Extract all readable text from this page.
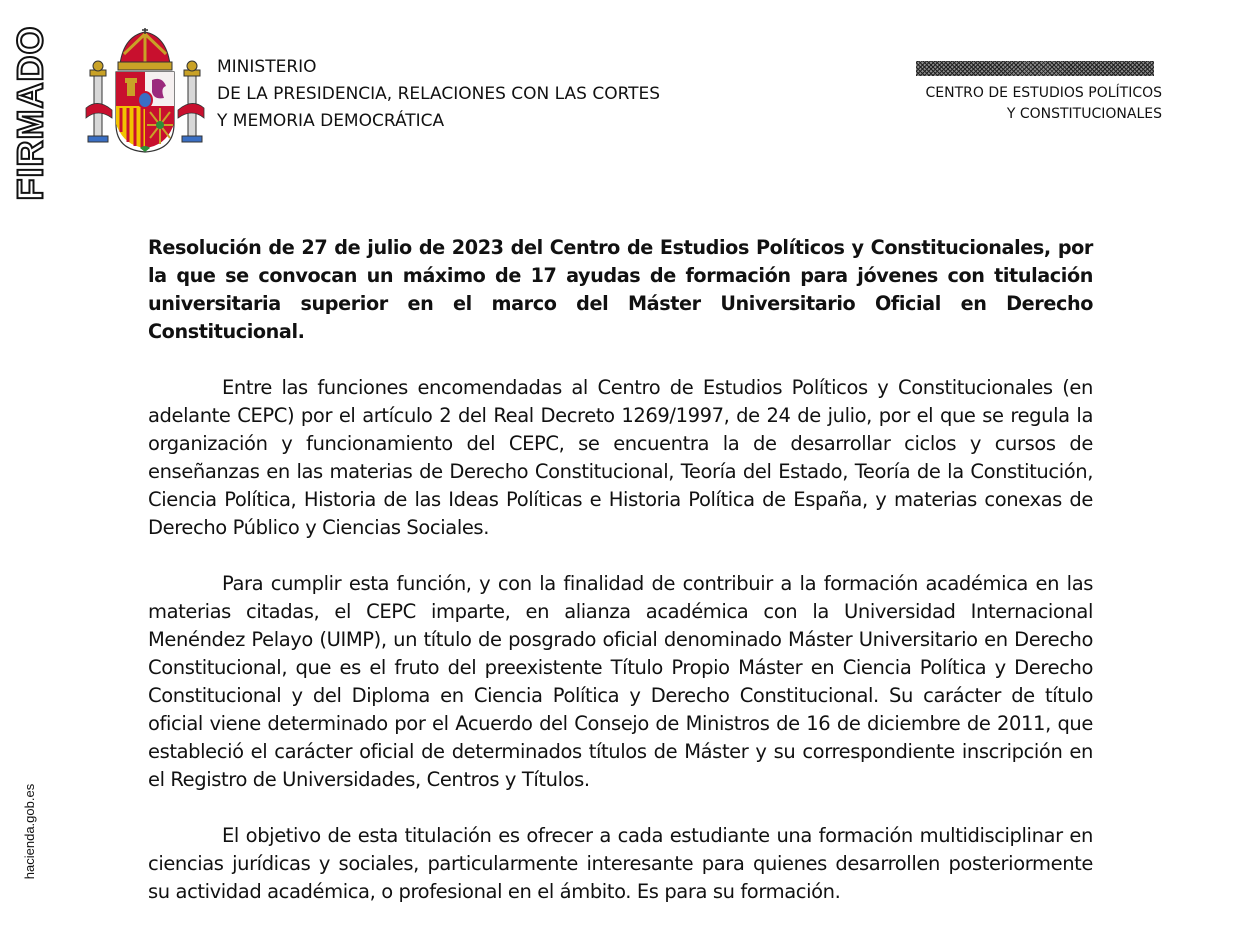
FIRMADO
hacienda.gob.es
MINISTERIO
DE LA PRESIDENCIA, RELACIONES CON LAS CORTES
Y MEMORIA DEMOCRÁTICA
CENTRO DE ESTUDIOS POLÍTICOS
Y CONSTITUCIONALES

Resolución de 27 de julio de 2023 del Centro de Estudios Políticos y Constitucionales, por la que se convocan un máximo de 17 ayudas de formación para jóvenes con titulación universitaria superior en el marco del Máster Universitario Oficial en Derecho Constitucional.

Entre las funciones encomendadas al Centro de Estudios Políticos y Constitucionales (en adelante CEPC) por el artículo 2 del Real Decreto 1269/1997, de 24 de julio, por el que se regula la organización y funcionamiento del CEPC, se encuentra la de desarrollar ciclos y cursos de enseñanzas en las materias de Derecho Constitucional, Teoría del Estado, Teoría de la Constitución, Ciencia Política, Historia de las Ideas Políticas e Historia Política de España, y materias conexas de Derecho Público y Ciencias Sociales.

Para cumplir esta función, y con la finalidad de contribuir a la formación académica en las materias citadas, el CEPC imparte, en alianza académica con la Universidad Internacional Menéndez Pelayo (UIMP), un título de posgrado oficial denominado Máster Universitario en Derecho Constitucional, que es el fruto del preexistente Título Propio Máster en Ciencia Política y Derecho Constitucional y del Diploma en Ciencia Política y Derecho Constitucional. Su carácter de título oficial viene determinado por el Acuerdo del Consejo de Ministros de 16 de diciembre de 2011, que estableció el carácter oficial de determinados títulos de Máster y su correspondiente inscripción en el Registro de Universidades, Centros y Títulos.

El objetivo de esta titulación es ofrecer a cada estudiante una formación multidisciplinar en ciencias jurídicas y sociales, particularmente interesante para quienes desarrollen posteriormente su actividad académica, o profesional en el ámbito. Es para su formación.
